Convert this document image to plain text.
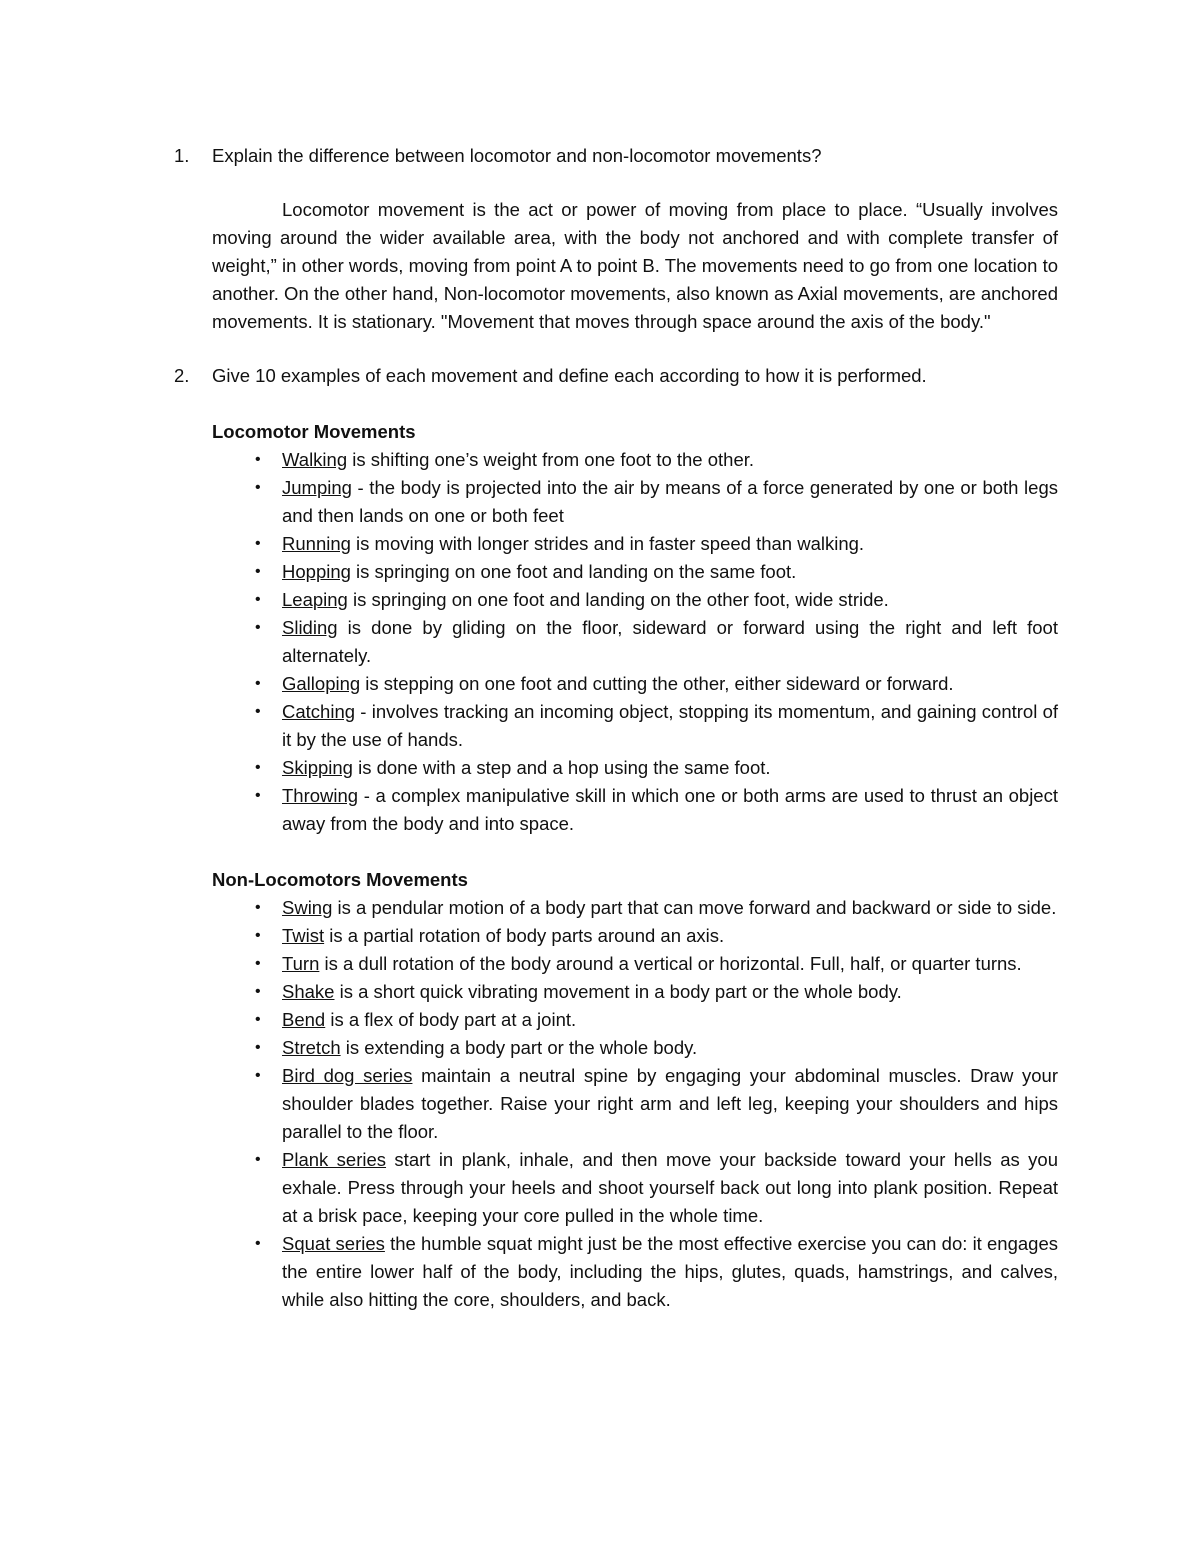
1. Explain the difference between locomotor and non-locomotor movements?

Locomotor movement is the act or power of moving from place to place. “Usually involves moving around the wider available area, with the body not anchored and with complete transfer of weight,” in other words, moving from point A to point B. The movements need to go from one location to another. On the other hand, Non-locomotor movements, also known as Axial movements, are anchored movements. It is stationary. "Movement that moves through space around the axis of the body."

2. Give 10 examples of each movement and define each according to how it is performed.

Locomotor Movements

• Walking is shifting one’s weight from one foot to the other.
• Jumping - the body is projected into the air by means of a force generated by one or both legs and then lands on one or both feet
• Running is moving with longer strides and in faster speed than walking.
• Hopping is springing on one foot and landing on the same foot.
• Leaping is springing on one foot and landing on the other foot, wide stride.
• Sliding is done by gliding on the floor, sideward or forward using the right and left foot alternately.
• Galloping is stepping on one foot and cutting the other, either sideward or forward.
• Catching - involves tracking an incoming object, stopping its momentum, and gaining control of it by the use of hands.
• Skipping is done with a step and a hop using the same foot.
• Throwing - a complex manipulative skill in which one or both arms are used to thrust an object away from the body and into space.

Non-Locomotors Movements

• Swing is a pendular motion of a body part that can move forward and backward or side to side.
• Twist is a partial rotation of body parts around an axis.
• Turn is a dull rotation of the body around a vertical or horizontal. Full, half, or quarter turns.
• Shake is a short quick vibrating movement in a body part or the whole body.
• Bend is a flex of body part at a joint.
• Stretch is extending a body part or the whole body.
• Bird dog series maintain a neutral spine by engaging your abdominal muscles. Draw your shoulder blades together. Raise your right arm and left leg, keeping your shoulders and hips parallel to the floor.
• Plank series start in plank, inhale, and then move your backside toward your hells as you exhale. Press through your heels and shoot yourself back out long into plank position. Repeat at a brisk pace, keeping your core pulled in the whole time.
• Squat series the humble squat might just be the most effective exercise you can do: it engages the entire lower half of the body, including the hips, glutes, quads, hamstrings, and calves, while also hitting the core, shoulders, and back.
